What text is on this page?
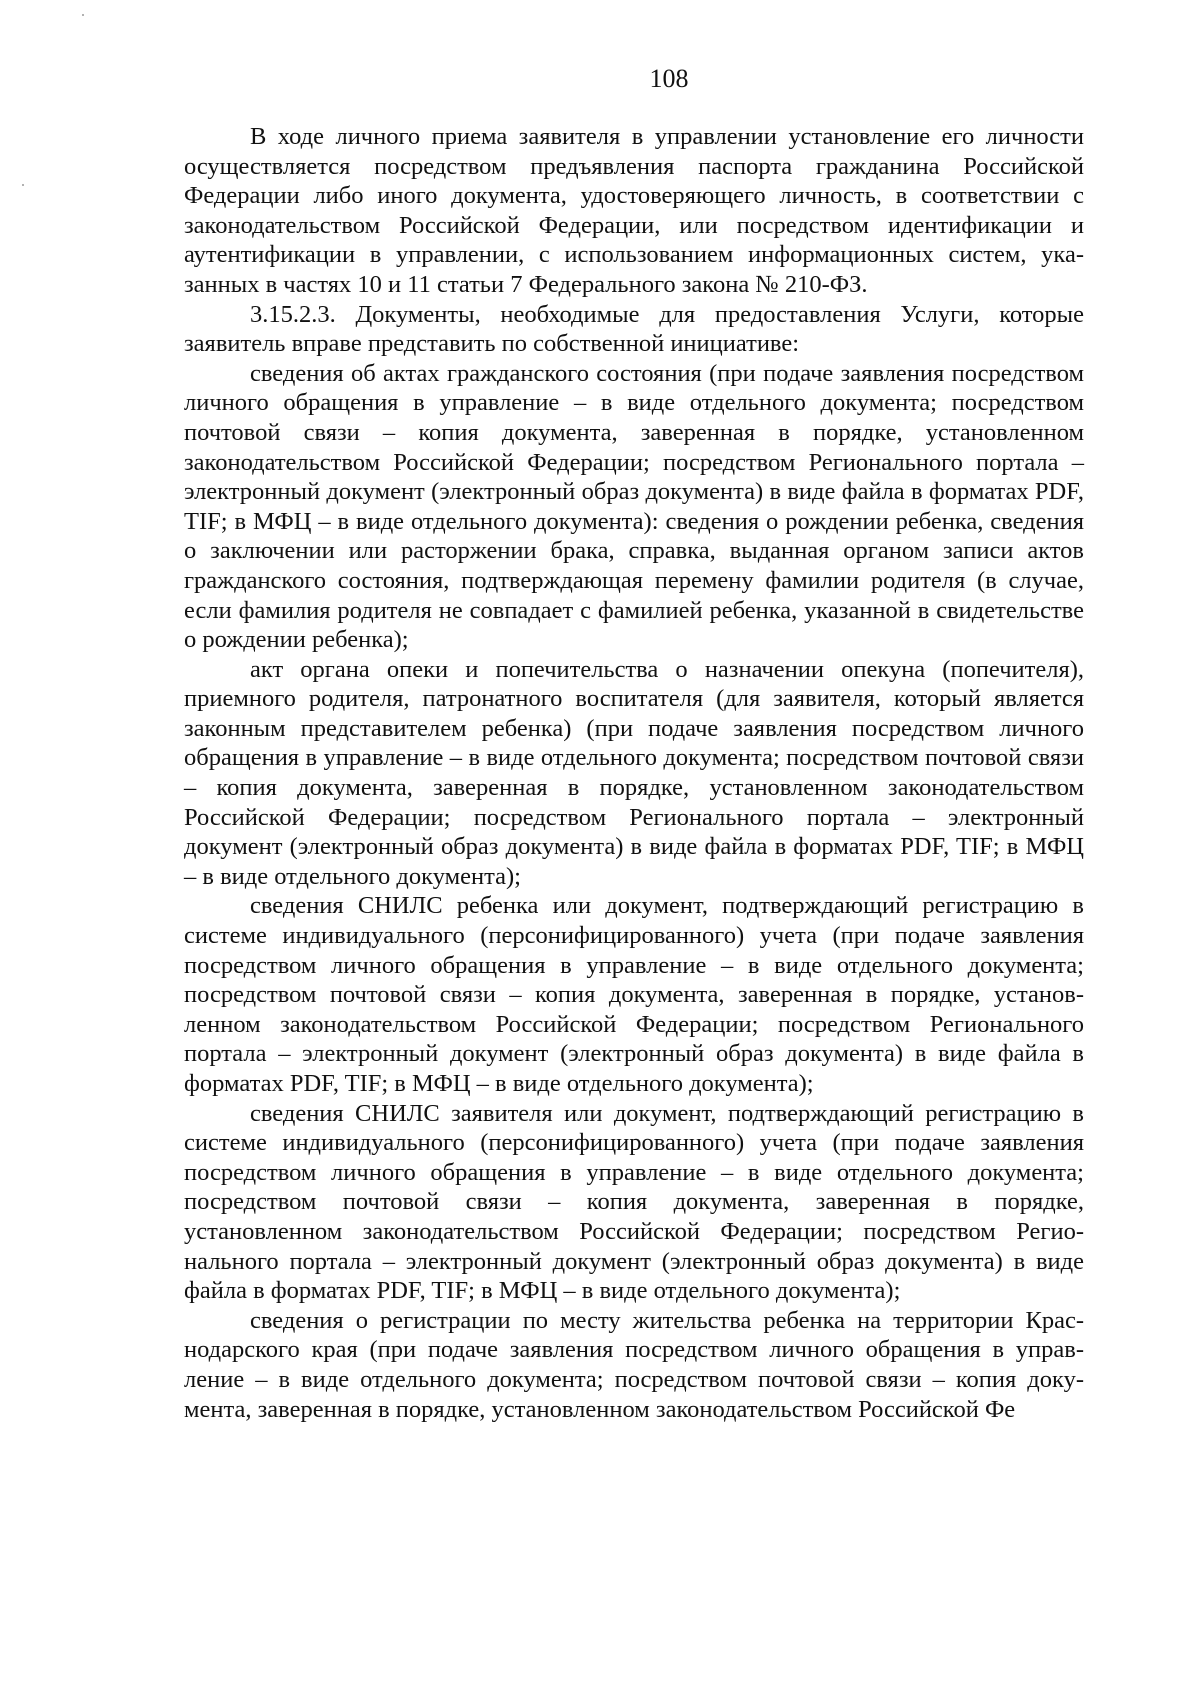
108

В ходе личного приема заявителя в управлении установление его личности осуществляется посредством предъявления паспорта гражданина Российской Федерации либо иного документа, удостоверяющего личность, в соответствии с законодательством Российской Федерации, или посредством идентификации и аутентификации в управлении, с использованием информационных систем, указанных в частях 10 и 11 статьи 7 Федерального закона № 210-ФЗ.

3.15.2.3. Документы, необходимые для предоставления Услуги, которые заявитель вправе представить по собственной инициативе:

сведения об актах гражданского состояния (при подаче заявления посредством личного обращения в управление – в виде отдельного документа; посредством почтовой связи – копия документа, заверенная в порядке, установленном законодательством Российской Федерации; посредством Регионального портала – электронный документ (электронный образ документа) в виде файла в форматах PDF, TIF; в МФЦ – в виде отдельного документа): сведения о рождении ребенка, сведения о заключении или расторжении брака, справка, выданная органом записи актов гражданского состояния, подтверждающая перемену фамилии родителя (в случае, если фамилия родителя не совпадает с фамилией ребенка, указанной в свидетельстве о рождении ребенка);

акт органа опеки и попечительства о назначении опекуна (попечителя), приемного родителя, патронатного воспитателя (для заявителя, который является законным представителем ребенка) (при подаче заявления посредством личного обращения в управление – в виде отдельного документа; посредством почтовой связи – копия документа, заверенная в порядке, установленном законодательством Российской Федерации; посредством Регионального портала – электронный документ (электронный образ документа) в виде файла в форматах PDF, TIF; в МФЦ – в виде отдельного документа);

сведения СНИЛС ребенка или документ, подтверждающий регистрацию в системе индивидуального (персонифицированного) учета (при подаче заявления посредством личного обращения в управление – в виде отдельного документа; посредством почтовой связи – копия документа, заверенная в порядке, установленном законодательством Российской Федерации; посредством Регионального портала – электронный документ (электронный образ документа) в виде файла в форматах PDF, TIF; в МФЦ – в виде отдельного документа);

сведения СНИЛС заявителя или документ, подтверждающий регистрацию в системе индивидуального (персонифицированного) учета (при подаче заявления посредством личного обращения в управление – в виде отдельного документа; посредством почтовой связи – копия документа, заверенная в порядке, установленном законодательством Российской Федерации; посредством Регионального портала – электронный документ (электронный образ документа) в виде файла в форматах PDF, TIF; в МФЦ – в виде отдельного документа);

сведения о регистрации по месту жительства ребенка на территории Краснодарского края (при подаче заявления посредством личного обращения в управление – в виде отдельного документа; посредством почтовой связи – копия документа, заверенная в порядке, установленном законодательством Российской Фе
